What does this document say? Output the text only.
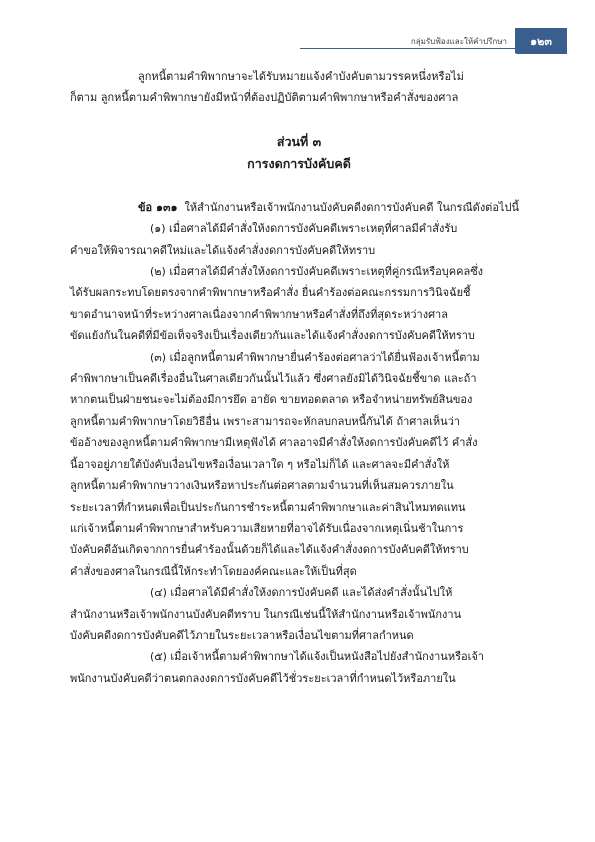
กลุ่มรับฟ้องและให้คำปรึกษา	๑๒๓

ลูกหนี้ตามคำพิพากษาจะได้รับหมายแจ้งคำบังคับตามวรรคหนึ่งหรือไม่

ก็ตาม ลูกหนี้ตามคำพิพากษายังมีหน้าที่ต้องปฏิบัติตามคำพิพากษาหรือคำสั่งของศาล

ส่วนที่ ๓

การงดการบังคับคดี

ข้อ ๑๓๑ ให้สำนักงานหรือเจ้าพนักงานบังคับคดีงดการบังคับคดี ในกรณีดังต่อไปนี้

(๑) เมื่อศาลได้มีคำสั่งให้งดการบังคับคดีเพราะเหตุที่ศาลมีคำสั่งรับ

คำขอให้พิจารณาคดีใหม่และได้แจ้งคำสั่งงดการบังคับคดีให้ทราบ

(๒) เมื่อศาลได้มีคำสั่งให้งดการบังคับคดีเพราะเหตุที่คู่กรณีหรือบุคคลซึ่ง

ได้รับผลกระทบโดยตรงจากคำพิพากษาหรือคำสั่ง ยื่นคำร้องต่อคณะกรรมการวินิจฉัยชี้

ขาดอำนาจหน้าที่ระหว่างศาลเนื่องจากคำพิพากษาหรือคำสั่งที่ถึงที่สุดระหว่างศาล

ขัดแย้งกันในคดีที่มีข้อเท็จจริงเป็นเรื่องเดียวกันและได้แจ้งคำสั่งงดการบังคับคดีให้ทราบ

(๓) เมื่อลูกหนี้ตามคำพิพากษายื่นคำร้องต่อศาลว่าได้ยื่นฟ้องเจ้าหนี้ตาม

คำพิพากษาเป็นคดีเรื่องอื่นในศาลเดียวกันนั้นไว้แล้ว ซึ่งศาลยังมิได้วินิจฉัยชี้ขาด และถ้า

หากตนเป็นฝ่ายชนะจะไม่ต้องมีการยึด อายัด ขายทอดตลาด หรือจำหน่ายทรัพย์สินของ

ลูกหนี้ตามคำพิพากษาโดยวิธีอื่น เพราะสามารถจะหักลบกลบหนี้กันได้ ถ้าศาลเห็นว่า

ข้ออ้างของลูกหนี้ตามคำพิพากษามีเหตุฟังได้ ศาลอาจมีคำสั่งให้งดการบังคับคดีไว้ คำสั่ง

นี้อาจอยู่ภายใต้บังคับเงื่อนไขหรือเงื่อนเวลาใด ๆ หรือไม่ก็ได้ และศาลจะมีคำสั่งให้

ลูกหนี้ตามคำพิพากษาวางเงินหรือหาประกันต่อศาลตามจำนวนที่เห็นสมควรภายใน

ระยะเวลาที่กำหนดเพื่อเป็นประกันการชำระหนี้ตามคำพิพากษาและค่าสินไหมทดแทน

แก่เจ้าหนี้ตามคำพิพากษาสำหรับความเสียหายที่อาจได้รับเนื่องจากเหตุเนิ่นช้าในการ

บังคับคดีอันเกิดจากการยื่นคำร้องนั้นด้วยก็ได้และได้แจ้งคำสั่งงดการบังคับคดีให้ทราบ

คำสั่งของศาลในกรณีนี้ให้กระทำโดยองค์คณะและให้เป็นที่สุด

(๔) เมื่อศาลได้มีคำสั่งให้งดการบังคับคดี และได้ส่งคำสั่งนั้นไปให้

สำนักงานหรือเจ้าพนักงานบังคับคดีทราบ ในกรณีเช่นนี้ให้สำนักงานหรือเจ้าพนักงาน

บังคับคดีงดการบังคับคดีไว้ภายในระยะเวลาหรือเงื่อนไขตามที่ศาลกำหนด

(๕) เมื่อเจ้าหนี้ตามคำพิพากษาได้แจ้งเป็นหนังสือไปยังสำนักงานหรือเจ้า

พนักงานบังคับคดีว่าตนตกลงงดการบังคับคดีไว้ชั่วระยะเวลาที่กำหนดไว้หรือภายใน
